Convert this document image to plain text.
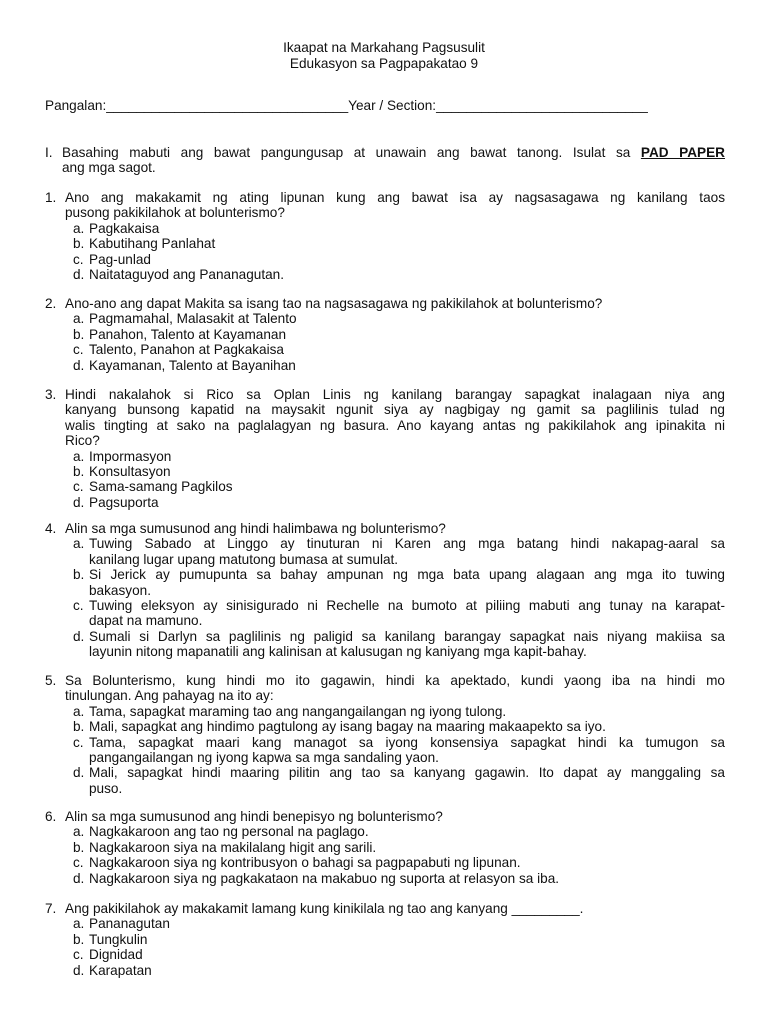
Ikaapat na Markahang Pagsusulit
Edukasyon sa Pagpapakatao 9
Pangalan:________________________________Year / Section:____________________________
I. Basahing mabuti ang bawat pangungusap at unawain ang bawat tanong. Isulat sa PAD PAPER
ang mga sagot.
1. Ano ang makakamit ng ating lipunan kung ang bawat isa ay nagsasagawa ng kanilang taos
pusong pakikilahok at bolunterismo?
a. Pagkakaisa
b. Kabutihang Panlahat
c. Pag-unlad
d. Naitataguyod ang Pananagutan.
2. Ano-ano ang dapat Makita sa isang tao na nagsasagawa ng pakikilahok at bolunterismo?
a. Pagmamahal, Malasakit at Talento
b. Panahon, Talento at Kayamanan
c. Talento, Panahon at Pagkakaisa
d. Kayamanan, Talento at Bayanihan
3. Hindi nakalahok si Rico sa Oplan Linis ng kanilang barangay sapagkat inalagaan niya ang
kanyang bunsong kapatid na maysakit ngunit siya ay nagbigay ng gamit sa paglilinis tulad ng
walis tingting at sako na paglalagyan ng basura. Ano kayang antas ng pakikilahok ang ipinakita ni
Rico?
a. Impormasyon
b. Konsultasyon
c. Sama-samang Pagkilos
d. Pagsuporta
4. Alin sa mga sumusunod ang hindi halimbawa ng bolunterismo?
a. Tuwing Sabado at Linggo ay tinuturan ni Karen ang mga batang hindi nakapag-aaral sa
kanilang lugar upang matutong bumasa at sumulat.
b. Si Jerick ay pumupunta sa bahay ampunan ng mga bata upang alagaan ang mga ito tuwing
bakasyon.
c. Tuwing eleksyon ay sinisigurado ni Rechelle na bumoto at piliing mabuti ang tunay na karapat-
dapat na mamuno.
d. Sumali si Darlyn sa paglilinis ng paligid sa kanilang barangay sapagkat nais niyang makiisa sa
layunin nitong mapanatili ang kalinisan at kalusugan ng kaniyang mga kapit-bahay.
5. Sa Bolunterismo, kung hindi mo ito gagawin, hindi ka apektado, kundi yaong iba na hindi mo
tinulungan. Ang pahayag na ito ay:
a. Tama, sapagkat maraming tao ang nangangailangan ng iyong tulong.
b. Mali, sapagkat ang hindimo pagtulong ay isang bagay na maaring makaapekto sa iyo.
c. Tama, sapagkat maari kang managot sa iyong konsensiya sapagkat hindi ka tumugon sa
pangangailangan ng iyong kapwa sa mga sandaling yaon.
d. Mali, sapagkat hindi maaring pilitin ang tao sa kanyang gagawin. Ito dapat ay manggaling sa
puso.
6. Alin sa mga sumusunod ang hindi benepisyo ng bolunterismo?
a. Nagkakaroon ang tao ng personal na paglago.
b. Nagkakaroon siya na makilalang higit ang sarili.
c. Nagkakaroon siya ng kontribusyon o bahagi sa pagpapabuti ng lipunan.
d. Nagkakaroon siya ng pagkakataon na makabuo ng suporta at relasyon sa iba.
7. Ang pakikilahok ay makakamit lamang kung kinikilala ng tao ang kanyang _________.
a. Pananagutan
b. Tungkulin
c. Dignidad
d. Karapatan
